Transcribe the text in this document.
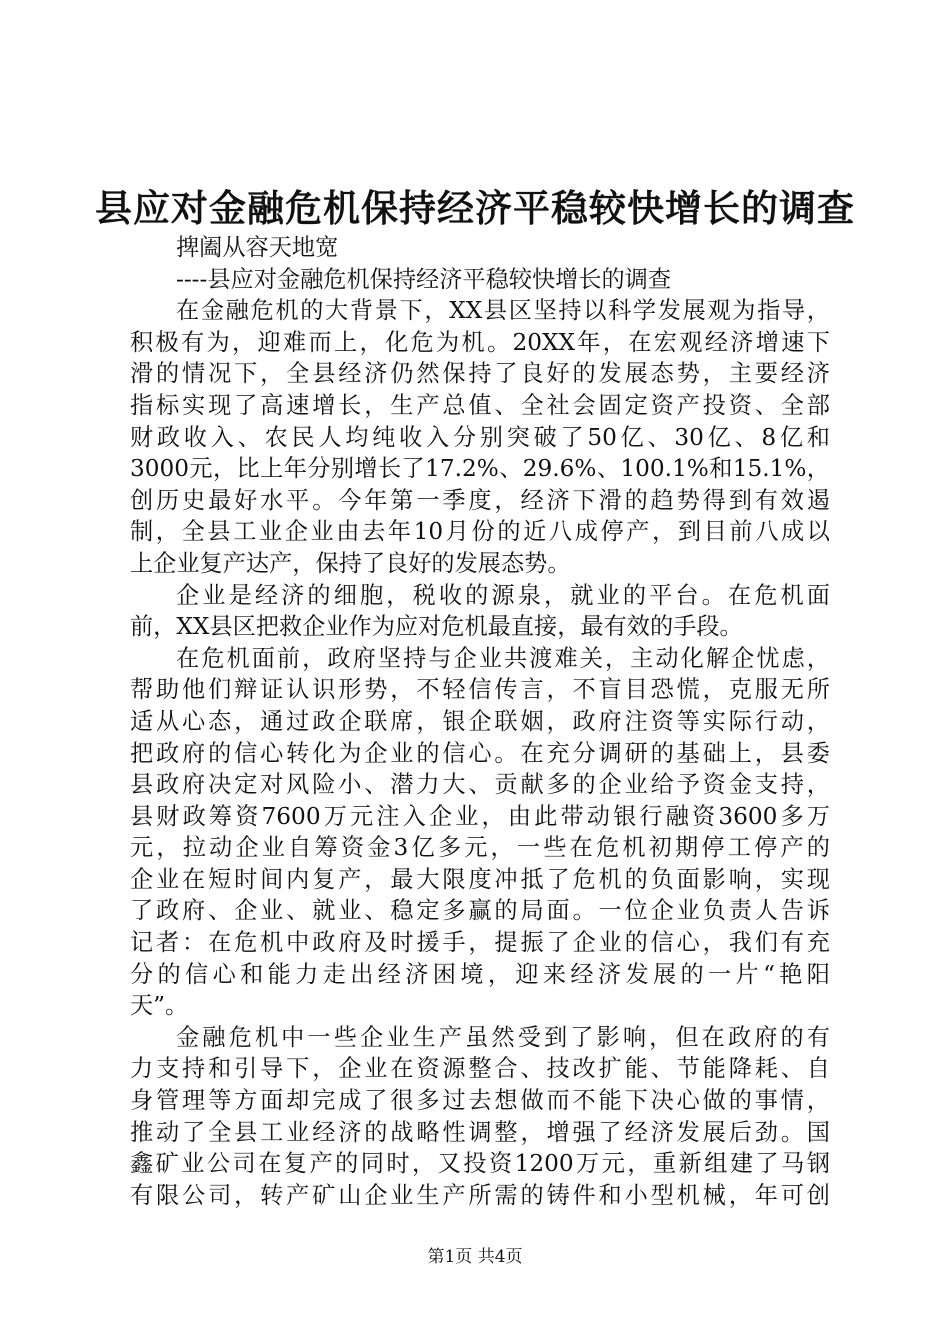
县应对金融危机保持经济平稳较快增长的调查
捭阖从容天地宽
----县应对金融危机保持经济平稳较快增长的调查
在金融危机的大背景下，XX县区坚持以科学发展观为指导，
积极有为，迎难而上，化危为机。20XX年，在宏观经济增速下
滑的情况下，全县经济仍然保持了良好的发展态势，主要经济
指标实现了高速增长，生产总值、全社会固定资产投资、全部
财政收入、农民人均纯收入分别突破了50亿、30亿、8亿和
3000元，比上年分别增长了17.2%、29.6%、100.1%和15.1%，
创历史最好水平。今年第一季度，经济下滑的趋势得到有效遏
制，全县工业企业由去年10月份的近八成停产，到目前八成以
上企业复产达产，保持了良好的发展态势。
企业是经济的细胞，税收的源泉，就业的平台。在危机面
前，XX县区把救企业作为应对危机最直接，最有效的手段。
在危机面前，政府坚持与企业共渡难关，主动化解企忧虑，
帮助他们辩证认识形势，不轻信传言，不盲目恐慌，克服无所
适从心态，通过政企联席，银企联姻，政府注资等实际行动，
把政府的信心转化为企业的信心。在充分调研的基础上，县委
县政府决定对风险小、潜力大、贡献多的企业给予资金支持，
县财政筹资7600万元注入企业，由此带动银行融资3600多万
元，拉动企业自筹资金3亿多元，一些在危机初期停工停产的
企业在短时间内复产，最大限度冲抵了危机的负面影响，实现
了政府、企业、就业、稳定多赢的局面。一位企业负责人告诉
记者：在危机中政府及时援手，提振了企业的信心，我们有充
分的信心和能力走出经济困境，迎来经济发展的一片“艳阳
天”。
金融危机中一些企业生产虽然受到了影响，但在政府的有
力支持和引导下，企业在资源整合、技改扩能、节能降耗、自
身管理等方面却完成了很多过去想做而不能下决心做的事情，
推动了全县工业经济的战略性调整，增强了经济发展后劲。国
鑫矿业公司在复产的同时，又投资1200万元，重新组建了马钢
有限公司，转产矿山企业生产所需的铸件和小型机械，年可创
第1页 共4页
